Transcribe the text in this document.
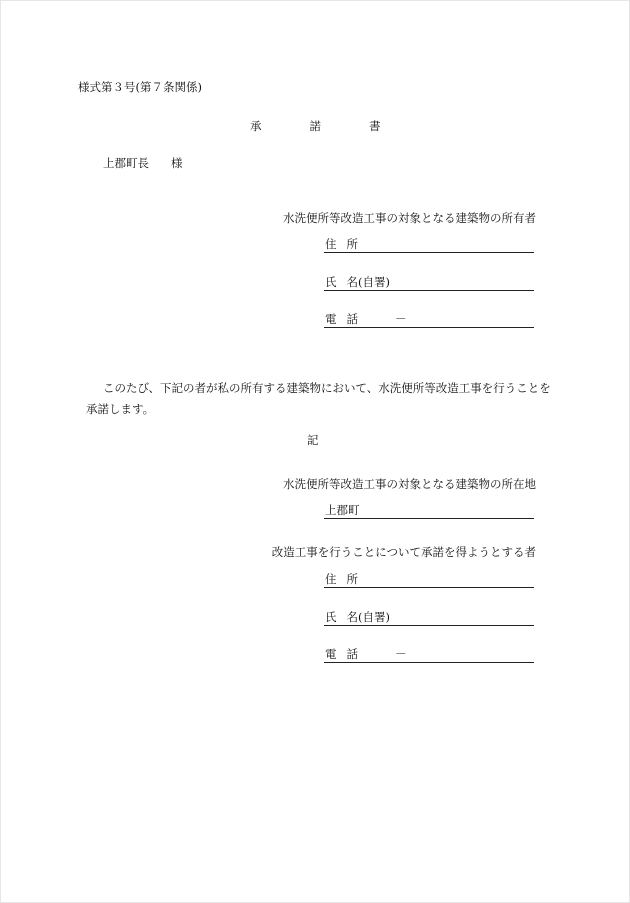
様式第３号(第７条関係)
承	諾	書
上郡町長 様
水洗便所等改造工事の対象となる建築物の所有者
住 所
氏 名(自署)
電 話	－
このたび、下記の者が私の所有する建築物において、水洗便所等改造工事を行うことを承諾します。
記
水洗便所等改造工事の対象となる建築物の所在地
上郡町
改造工事を行うことについて承諾を得ようとする者
住 所
氏 名(自署)
電 話	－
